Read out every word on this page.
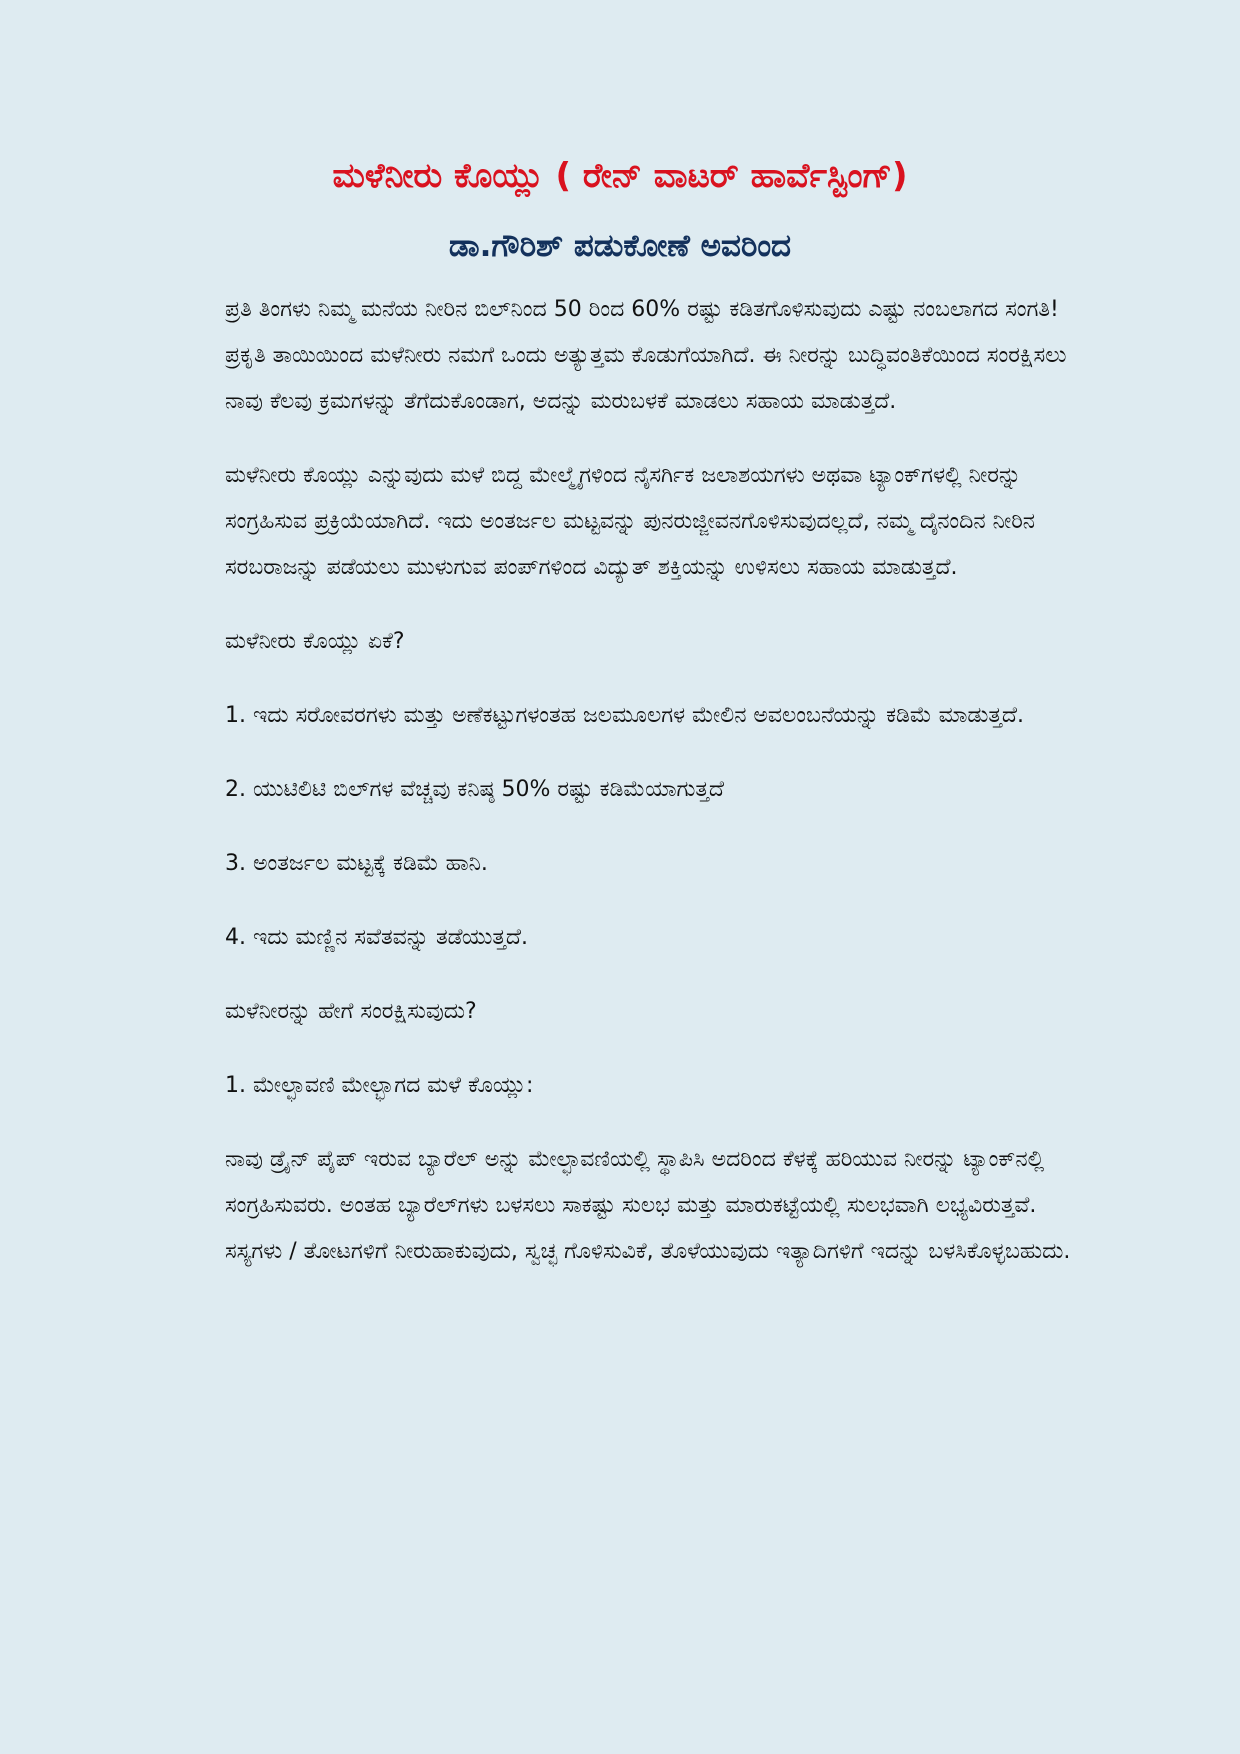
ಮಳೆನೀರು ಕೊಯ್ಲು ( ರೇನ್ ವಾಟರ್ ಹಾರ್ವೆಸ್ಟಿಂಗ್)
ಡಾ.ಗೌರಿಶ್ ಪಡುಕೋಣೆ ಅವರಿಂದ

ಪ್ರತಿ ತಿಂಗಳು ನಿಮ್ಮ ಮನೆಯ ನೀರಿನ ಬಿಲ್‌ನಿಂದ 50 ರಿಂದ 60% ರಷ್ಟು ಕಡಿತಗೊಳಿಸುವುದು ಎಷ್ಟು ನಂಬಲಾಗದ ಸಂಗತಿ! ಪ್ರಕೃತಿ ತಾಯಿಯಿಂದ ಮಳೆನೀರು ನಮಗೆ ಒಂದು ಅತ್ಯುತ್ತಮ ಕೊಡುಗೆಯಾಗಿದೆ. ಈ ನೀರನ್ನು ಬುದ್ಧಿವಂತಿಕೆಯಿಂದ ಸಂರಕ್ಷಿಸಲು ನಾವು ಕೆಲವು ಕ್ರಮಗಳನ್ನು ತೆಗೆದುಕೊಂಡಾಗ, ಅದನ್ನು ಮರುಬಳಕೆ ಮಾಡಲು ಸಹಾಯ ಮಾಡುತ್ತದೆ.

ಮಳೆನೀರು ಕೊಯ್ಲು ಎನ್ನುವುದು ಮಳೆ ಬಿದ್ದ ಮೇಲ್ಮೈಗಳಿಂದ ನೈಸರ್ಗಿಕ ಜಲಾಶಯಗಳು ಅಥವಾ ಟ್ಯಾಂಕ್‌ಗಳಲ್ಲಿ ನೀರನ್ನು ಸಂಗ್ರಹಿಸುವ ಪ್ರಕ್ರಿಯೆಯಾಗಿದೆ. ಇದು ಅಂತರ್ಜಲ ಮಟ್ಟವನ್ನು ಪುನರುಜ್ಜೀವನಗೊಳಿಸುವುದಲ್ಲದೆ, ನಮ್ಮ ದೈನಂದಿನ ನೀರಿನ ಸರಬರಾಜನ್ನು ಪಡೆಯಲು ಮುಳುಗುವ ಪಂಪ್‌ಗಳಿಂದ ವಿದ್ಯುತ್ ಶಕ್ತಿಯನ್ನು ಉಳಿಸಲು ಸಹಾಯ ಮಾಡುತ್ತದೆ.

ಮಳೆನೀರು ಕೊಯ್ಲು ಏಕೆ?

1. ಇದು ಸರೋವರಗಳು ಮತ್ತು ಅಣೆಕಟ್ಟುಗಳಂತಹ ಜಲಮೂಲಗಳ ಮೇಲಿನ ಅವಲಂಬನೆಯನ್ನು ಕಡಿಮೆ ಮಾಡುತ್ತದೆ.

2. ಯುಟಿಲಿಟಿ ಬಿಲ್‌ಗಳ ವೆಚ್ಚವು ಕನಿಷ್ಠ 50% ರಷ್ಟು ಕಡಿಮೆಯಾಗುತ್ತದೆ

3. ಅಂತರ್ಜಲ ಮಟ್ಟಕ್ಕೆ ಕಡಿಮೆ ಹಾನಿ.

4. ಇದು ಮಣ್ಣಿನ ಸವೆತವನ್ನು ತಡೆಯುತ್ತದೆ.

ಮಳೆನೀರನ್ನು ಹೇಗೆ ಸಂರಕ್ಷಿಸುವುದು?

1. ಮೇಲ್ಛಾವಣಿ ಮೇಲ್ಭಾಗದ ಮಳೆ ಕೊಯ್ಲು:

ನಾವು ಡ್ರೈನ್ ಪೈಪ್ ಇರುವ ಬ್ಯಾರೆಲ್ ಅನ್ನು ಮೇಲ್ಛಾವಣಿಯಲ್ಲಿ ಸ್ಥಾಪಿಸಿ ಅದರಿಂದ ಕೆಳಕ್ಕೆ ಹರಿಯುವ ನೀರನ್ನು ಟ್ಯಾಂಕ್‌ನಲ್ಲಿ ಸಂಗ್ರಹಿಸುವರು. ಅಂತಹ ಬ್ಯಾರೆಲ್‌ಗಳು ಬಳಸಲು ಸಾಕಷ್ಟು ಸುಲಭ ಮತ್ತು ಮಾರುಕಟ್ಟೆಯಲ್ಲಿ ಸುಲಭವಾಗಿ ಲಭ್ಯವಿರುತ್ತವೆ. ಸಸ್ಯಗಳು / ತೋಟಗಳಿಗೆ ನೀರುಹಾಕುವುದು, ಸ್ವಚ್ಛ ಗೊಳಿಸುವಿಕೆ, ತೊಳೆಯುವುದು ಇತ್ಯಾದಿಗಳಿಗೆ ಇದನ್ನು ಬಳಸಿಕೊಳ್ಳಬಹುದು.
